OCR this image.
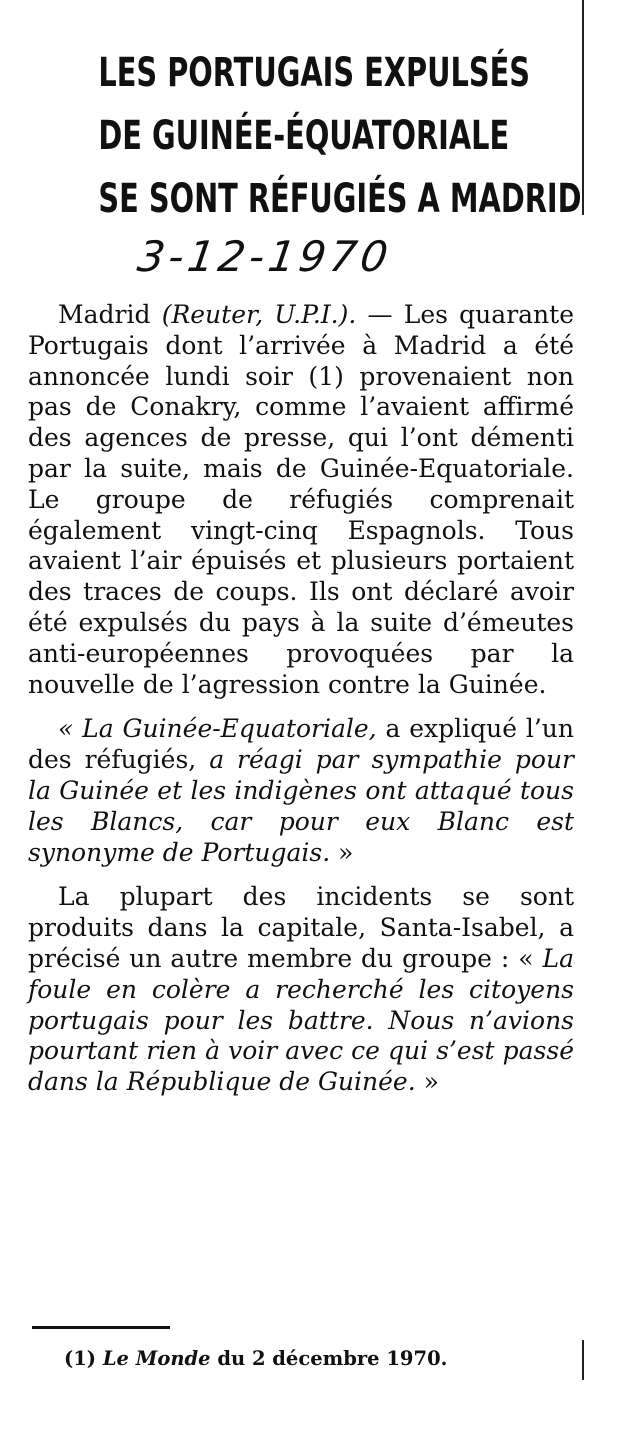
LES PORTUGAIS EXPULSÉS
DE GUINÉE-ÉQUATORIALE
SE SONT RÉFUGIÉS A MADRID
3-12-1970

Madrid (Reuter, U.P.I.). — Les quarante Portugais dont l’arrivée à Madrid a été annoncée lundi soir (1) provenaient non pas de Conakry, comme l’avaient affirmé des agences de presse, qui l’ont démenti par la suite, mais de Guinée-Equatoriale. Le groupe de réfugiés comprenait également vingt-cinq Espagnols. Tous avaient l’air épuisés et plusieurs portaient des traces de coups. Ils ont déclaré avoir été expulsés du pays à la suite d’émeutes anti-européennes provoquées par la nouvelle de l’agression contre la Guinée.

« La Guinée-Equatoriale, a expliqué l’un des réfugiés, a réagi par sympathie pour la Guinée et les indigènes ont attaqué tous les Blancs, car pour eux Blanc est synonyme de Portugais. »

La plupart des incidents se sont produits dans la capitale, Santa-Isabel, a précisé un autre membre du groupe : « La foule en colère a recherché les citoyens portugais pour les battre. Nous n’avions pourtant rien à voir avec ce qui s’est passé dans la République de Guinée. »

(1) Le Monde du 2 décembre 1970.
